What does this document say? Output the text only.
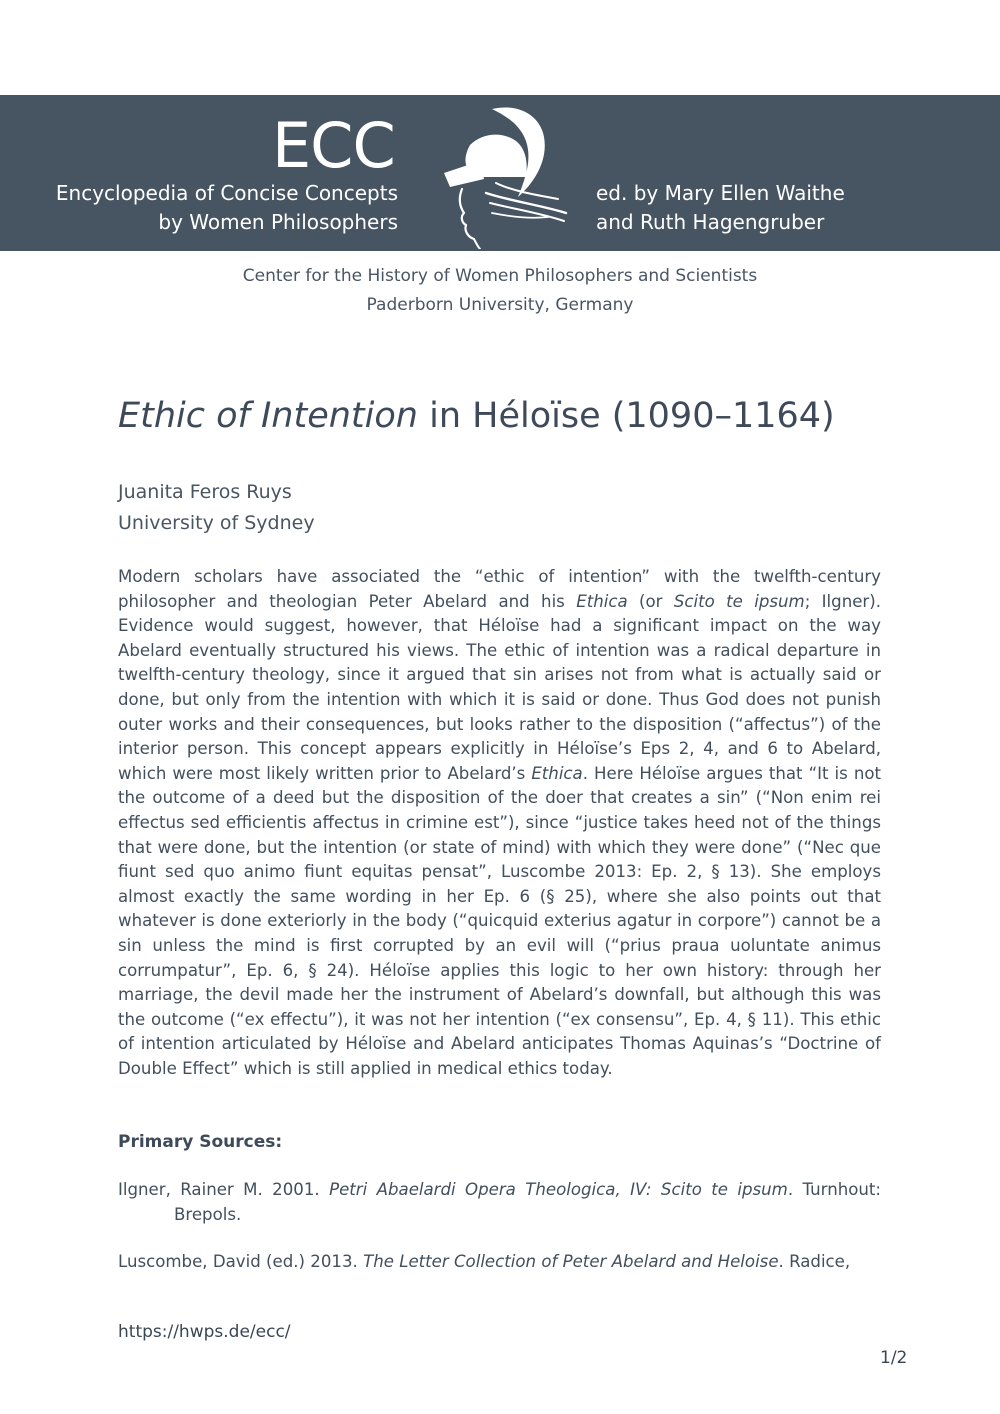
ECC
Encyclopedia of Concise Concepts
by Women Philosophers
ed. by Mary Ellen Waithe
and Ruth Hagengruber
Center for the History of Women Philosophers and Scientists
Paderborn University, Germany
Ethic of Intention in Héloïse (1090–1164)
Juanita Feros Ruys
University of Sydney
Modern scholars have associated the “ethic of intention” with the twelfth-century philosopher and theologian Peter Abelard and his Ethica (or Scito te ipsum; Ilgner). Evidence would suggest, however, that Héloïse had a significant impact on the way Abelard eventually structured his views. The ethic of intention was a radical departure in twelfth-century theology, since it argued that sin arises not from what is actually said or done, but only from the intention with which it is said or done. Thus God does not punish outer works and their consequences, but looks rather to the disposition (“affectus”) of the interior person. This concept appears explicitly in Héloïse’s Eps 2, 4, and 6 to Abelard, which were most likely written prior to Abelard’s Ethica. Here Héloïse argues that “It is not the outcome of a deed but the disposition of the doer that creates a sin” (“Non enim rei effectus sed efficientis affectus in crimine est”), since “justice takes heed not of the things that were done, but the intention (or state of mind) with which they were done” (“Nec que fiunt sed quo animo fiunt equitas pensat”, Luscombe 2013: Ep. 2, § 13). She employs almost exactly the same wording in her Ep. 6 (§ 25), where she also points out that whatever is done exteriorly in the body (“quicquid exterius agatur in corpore”) cannot be a sin unless the mind is first corrupted by an evil will (“prius praua uoluntate animus corrumpatur”, Ep. 6, § 24). Héloïse applies this logic to her own history: through her marriage, the devil made her the instrument of Abelard’s downfall, but although this was the outcome (“ex effectu”), it was not her intention (“ex consensu”, Ep. 4, § 11). This ethic of intention articulated by Héloïse and Abelard anticipates Thomas Aquinas’s “Doctrine of Double Effect” which is still applied in medical ethics today.
Primary Sources:
Ilgner, Rainer M. 2001. Petri Abaelardi Opera Theologica, IV: Scito te ipsum. Turnhout: Brepols.
Luscombe, David (ed.) 2013. The Letter Collection of Peter Abelard and Heloise. Radice,
https://hwps.de/ecc/
1/2
